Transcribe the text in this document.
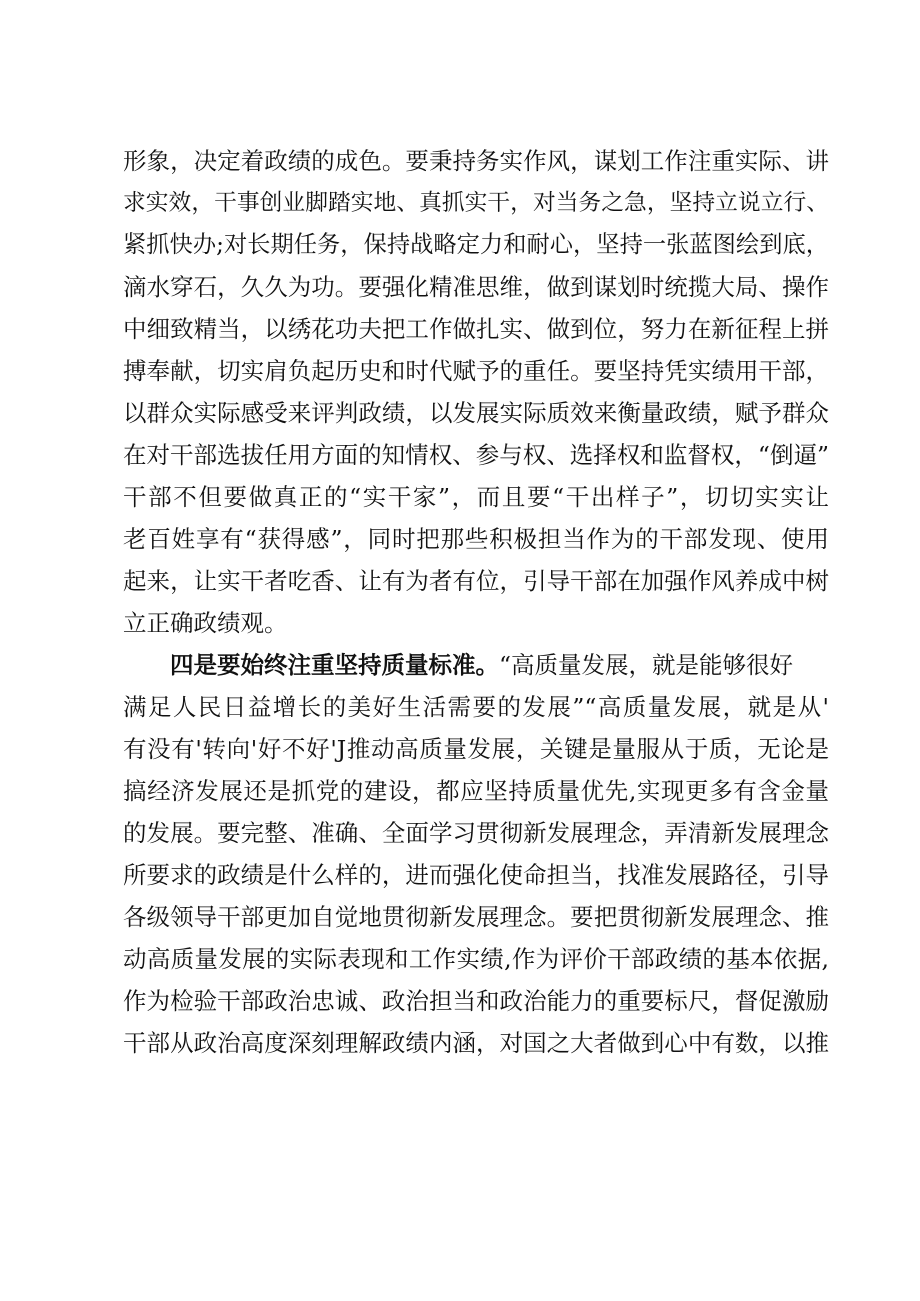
形象，决定着政绩的成色。要秉持务实作风，谋划工作注重实际、讲
求实效，干事创业脚踏实地、真抓实干，对当务之急，坚持立说立行、
紧抓快办;对长期任务，保持战略定力和耐心，坚持一张蓝图绘到底，
滴水穿石，久久为功。要强化精准思维，做到谋划时统揽大局、操作
中细致精当，以绣花功夫把工作做扎实、做到位，努力在新征程上拼
搏奉献，切实肩负起历史和时代赋予的重任。要坚持凭实绩用干部，
以群众实际感受来评判政绩，以发展实际质效来衡量政绩，赋予群众
在对干部选拔任用方面的知情权、参与权、选择权和监督权，“倒逼”
干部不但要做真正的“实干家”，而且要“干出样子”，切切实实让
老百姓享有“获得感”，同时把那些积极担当作为的干部发现、使用
起来，让实干者吃香、让有为者有位，引导干部在加强作风养成中树
立正确政绩观。
四是要始终注重坚持质量标准。“高质量发展，就是能够很好
满足人民日益增长的美好生活需要的发展”“高质量发展，就是从'
有没有'转向'好不好'J推动高质量发展，关键是量服从于质，无论是
搞经济发展还是抓党的建设，都应坚持质量优先,实现更多有含金量
的发展。要完整、准确、全面学习贯彻新发展理念，弄清新发展理念
所要求的政绩是什么样的，进而强化使命担当，找准发展路径，引导
各级领导干部更加自觉地贯彻新发展理念。要把贯彻新发展理念、推
动高质量发展的实际表现和工作实绩,作为评价干部政绩的基本依据,
作为检验干部政治忠诚、政治担当和政治能力的重要标尺，督促激励
干部从政治高度深刻理解政绩内涵，对国之大者做到心中有数，以推
